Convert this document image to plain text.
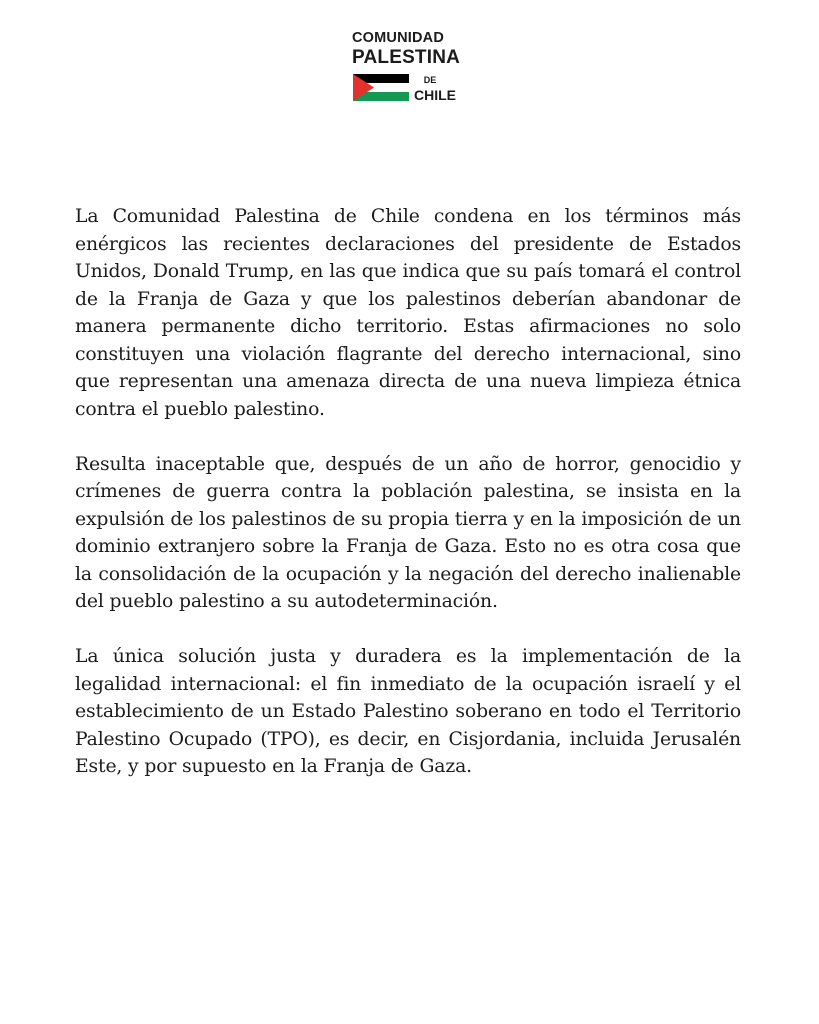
COMUNIDAD
PALESTINA
DE
CHILE

La Comunidad Palestina de Chile condena en los términos más enérgicos las recientes declaraciones del presidente de Estados Unidos, Donald Trump, en las que indica que su país tomará el control de la Franja de Gaza y que los palestinos deberían abandonar de manera permanente dicho territorio. Estas afirmaciones no solo constituyen una violación flagrante del derecho internacional, sino que representan una amenaza directa de una nueva limpieza étnica contra el pueblo palestino.

Resulta inaceptable que, después de un año de horror, genocidio y crímenes de guerra contra la población palestina, se insista en la expulsión de los palestinos de su propia tierra y en la imposición de un dominio extranjero sobre la Franja de Gaza. Esto no es otra cosa que la consolidación de la ocupación y la negación del derecho inalienable del pueblo palestino a su autodeterminación.

La única solución justa y duradera es la implementación de la legalidad internacional: el fin inmediato de la ocupación israelí y el establecimiento de un Estado Palestino soberano en todo el Territorio Palestino Ocupado (TPO), es decir, en Cisjordania, incluida Jerusalén Este, y por supuesto en la Franja de Gaza.
